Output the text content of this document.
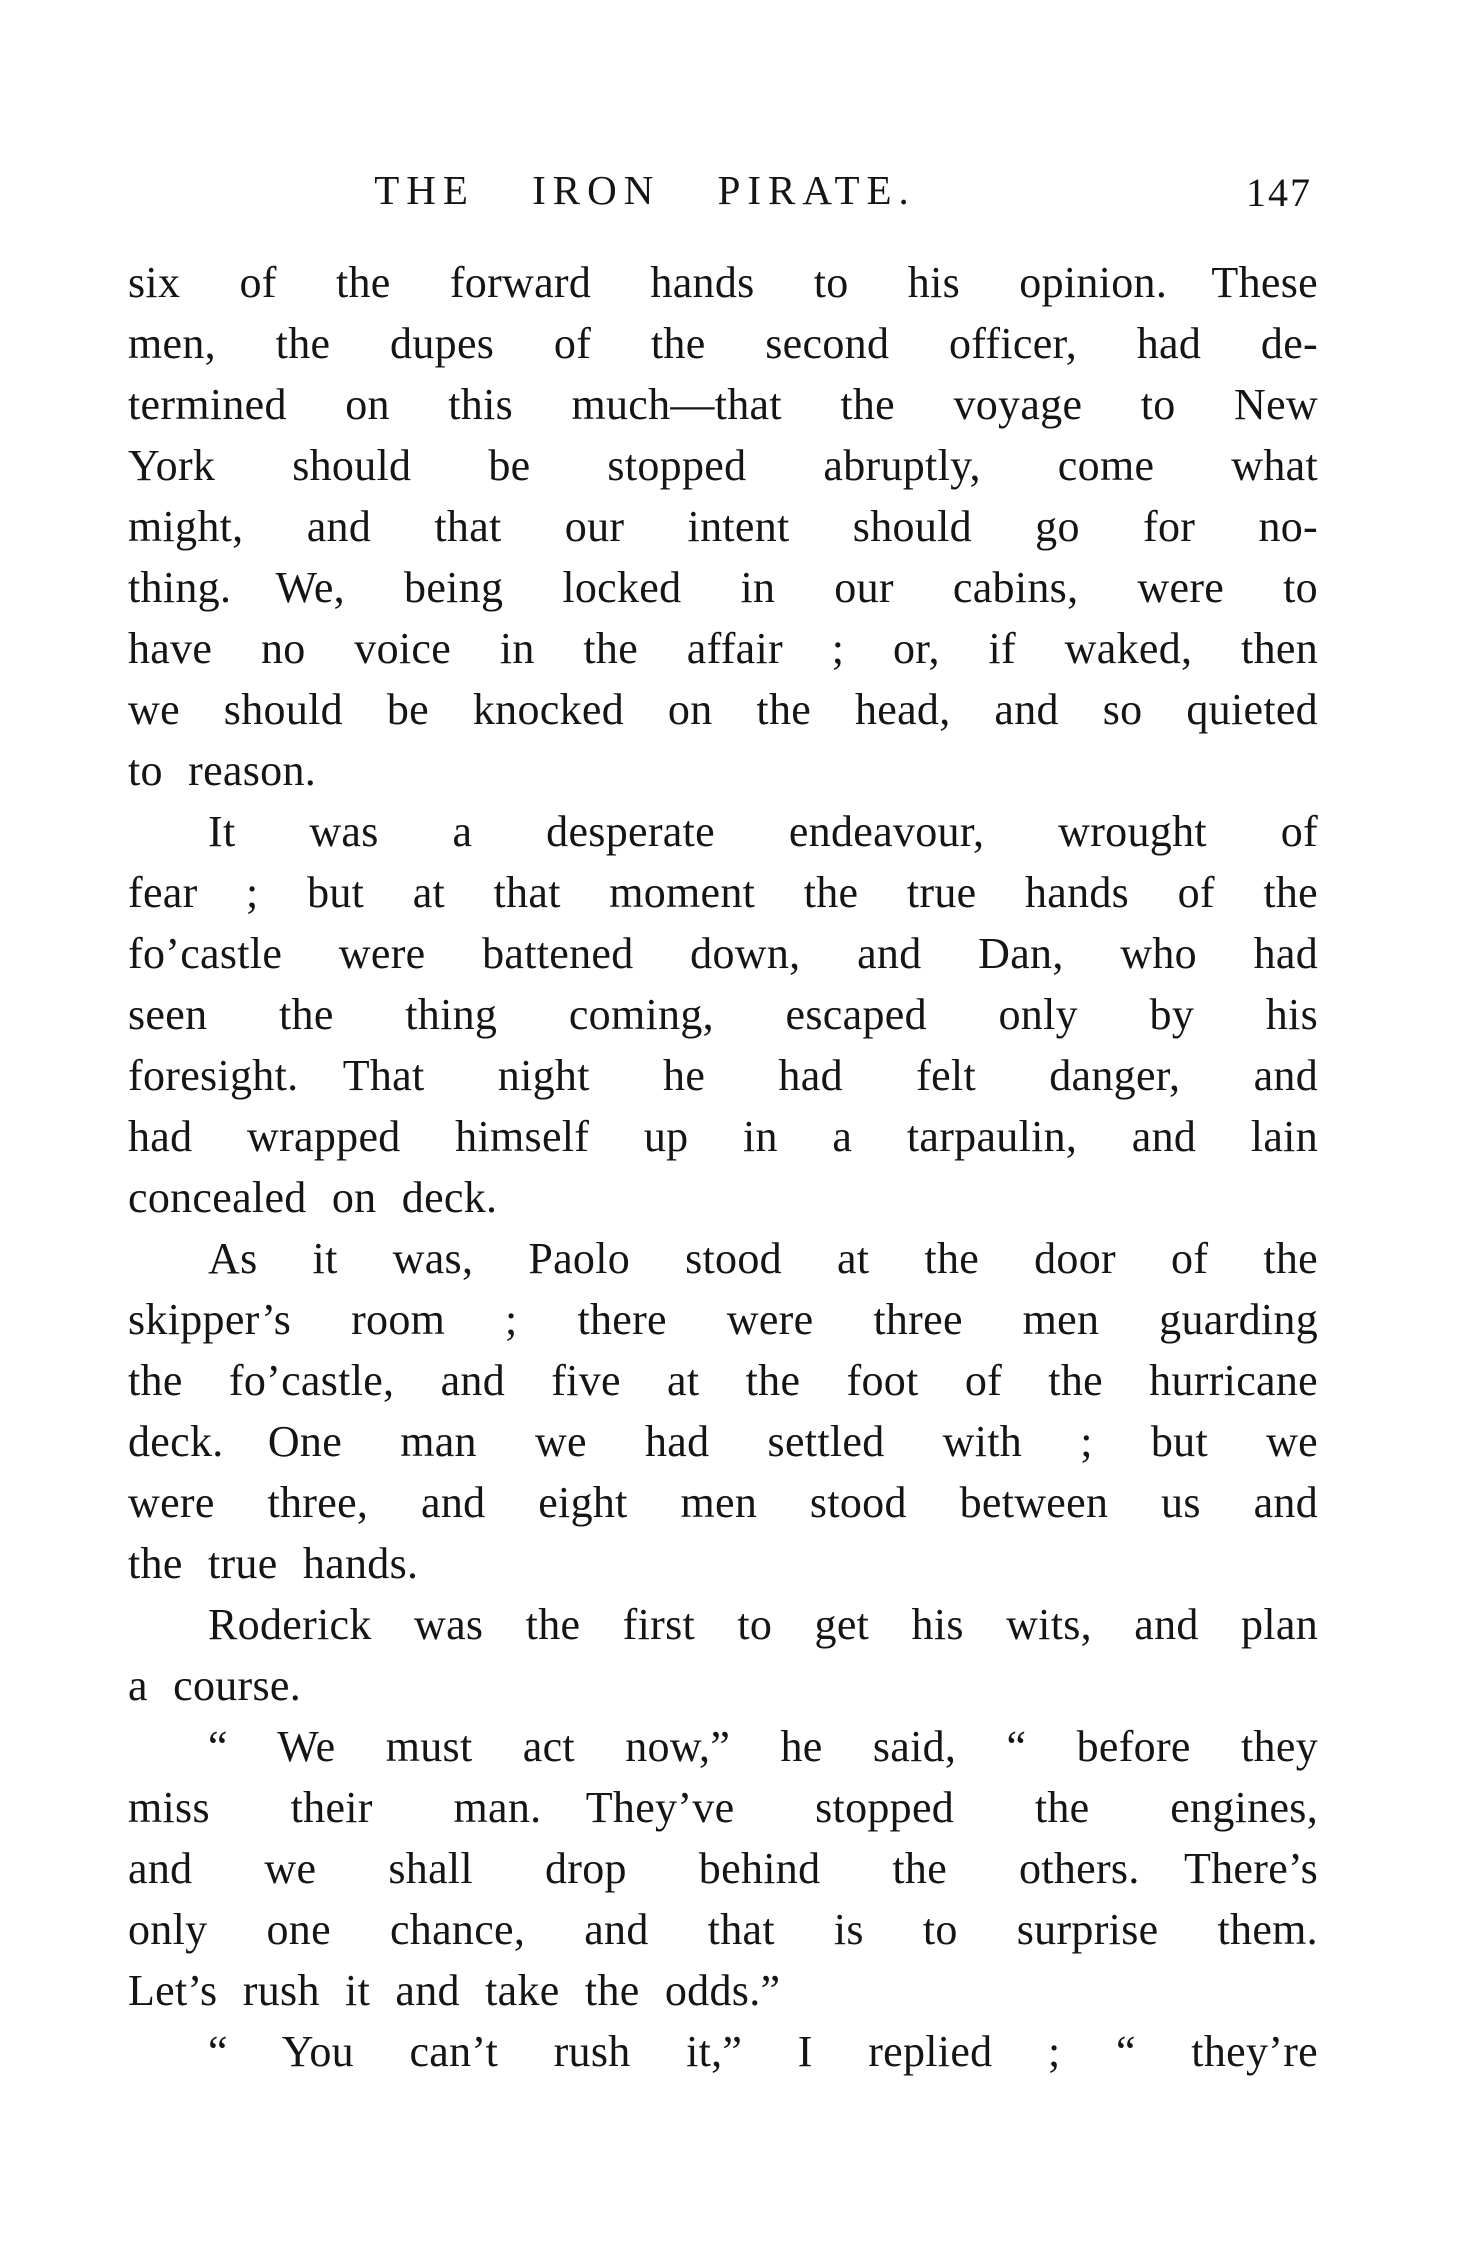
THE IRON PIRATE.	147
six of the forward hands to his opinion. These
men, the dupes of the second officer, had de-
termined on this much—that the voyage to New
York should be stopped abruptly, come what
might, and that our intent should go for no-
thing. We, being locked in our cabins, were to
have no voice in the affair ; or, if waked, then
we should be knocked on the head, and so quieted
to reason.
It was a desperate endeavour, wrought of
fear ; but at that moment the true hands of the
fo’castle were battened down, and Dan, who had
seen the thing coming, escaped only by his
foresight. That night he had felt danger, and
had wrapped himself up in a tarpaulin, and lain
concealed on deck.
As it was, Paolo stood at the door of the
skipper’s room ; there were three men guarding
the fo’castle, and five at the foot of the hurricane
deck. One man we had settled with ; but we
were three, and eight men stood between us and
the true hands.
Roderick was the first to get his wits, and plan
a course.
“ We must act now,” he said, “ before they
miss their man. They’ve stopped the engines,
and we shall drop behind the others. There’s
only one chance, and that is to surprise them.
Let’s rush it and take the odds.”
“ You can’t rush it,” I replied ; “ they’re
